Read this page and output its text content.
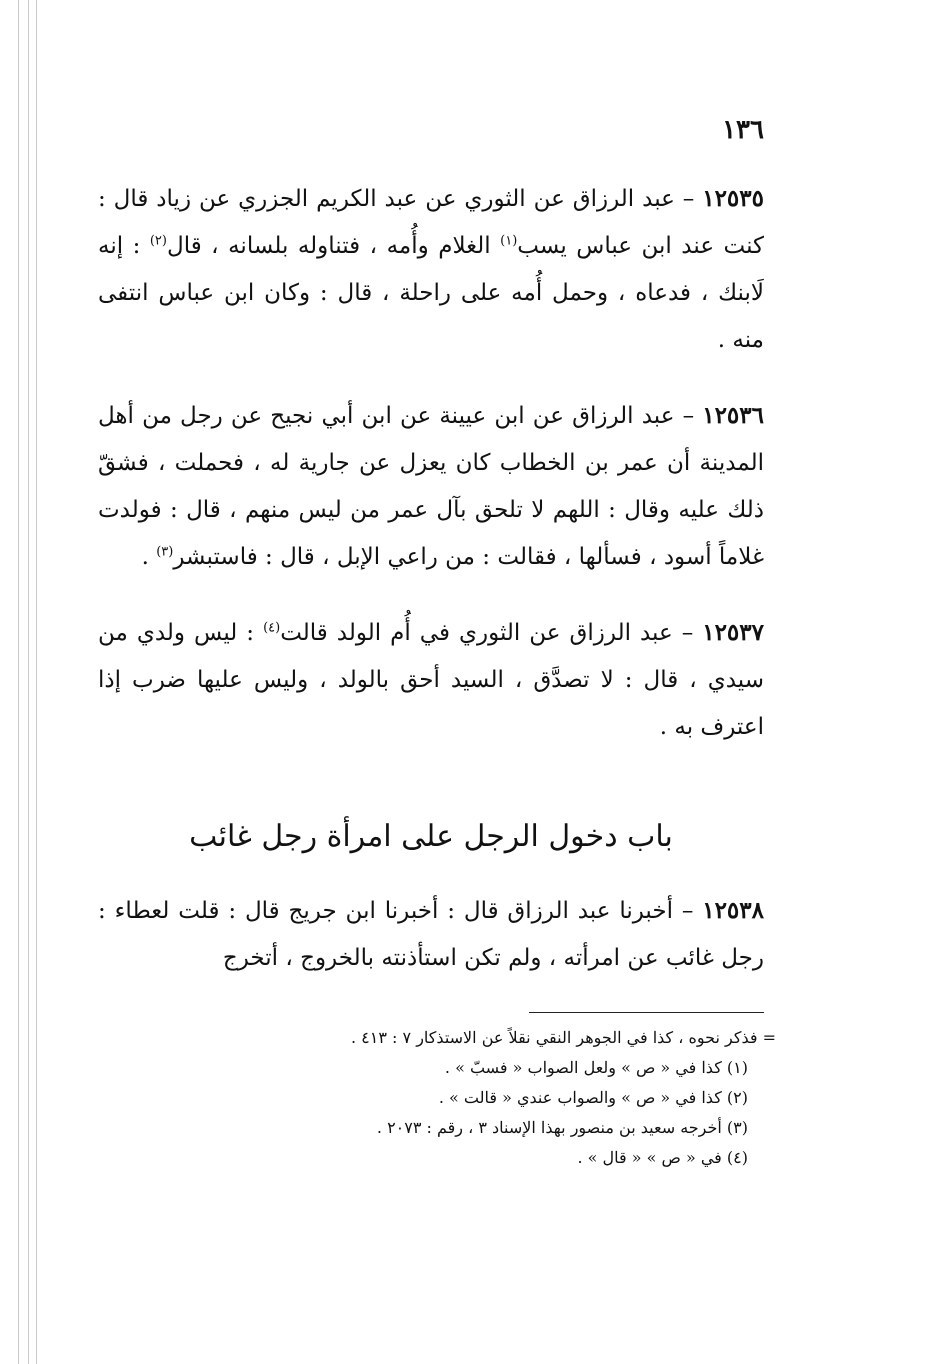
١٣٦

١٢٥٣٥ – عبد الرزاق عن الثوري عن عبد الكريم الجزري عن زياد قال : كنت عند ابن عباس يسب$^{(١)}$ الغلام وأُمه ، فتناوله بلسانه ، قال$^{(٢)}$ : إنه لَابنك ، فدعاه ، وحمل أُمه على راحلة ، قال : وكان ابن عباس انتفى منه .

١٢٥٣٦ – عبد الرزاق عن ابن عيينة عن ابن أبي نجيح عن رجل من أهل المدينة أن عمر بن الخطاب كان يعزل عن جارية له ، فحملت ، فشقّ ذلك عليه وقال : اللهم لا تلحق بآل عمر من ليس منهم ، قال : فولدت غلاماً أسود ، فسألها ، فقالت : من راعي الإبل ، قال : فاستبشر$^{(٣)}$ .

١٢٥٣٧ – عبد الرزاق عن الثوري في أُم الولد قالت$^{(٤)}$ : ليس ولدي من سيدي ، قال : لا تصدَّق ، السيد أحق بالولد ، وليس عليها ضرب إذا اعترف به .

باب دخول الرجل على امرأة رجل غائب

١٢٥٣٨ – أخبرنا عبد الرزاق قال : أخبرنا ابن جريج قال : قلت لعطاء : رجل غائب عن امرأته ، ولم تكن استأذنته بالخروج ، أتخرج

= فذكر نحوه ، كذا في الجوهر النقي نقلاً عن الاستذكار ٧ : ٤١٣ .
(١) كذا في « ص » ولعل الصواب « فسبّ » .
(٢) كذا في « ص » والصواب عندي « قالت » .
(٣) أخرجه سعيد بن منصور بهذا الإسناد ٣ ، رقم : ٢٠٧٣ .
(٤) في « ص » « قال » .
